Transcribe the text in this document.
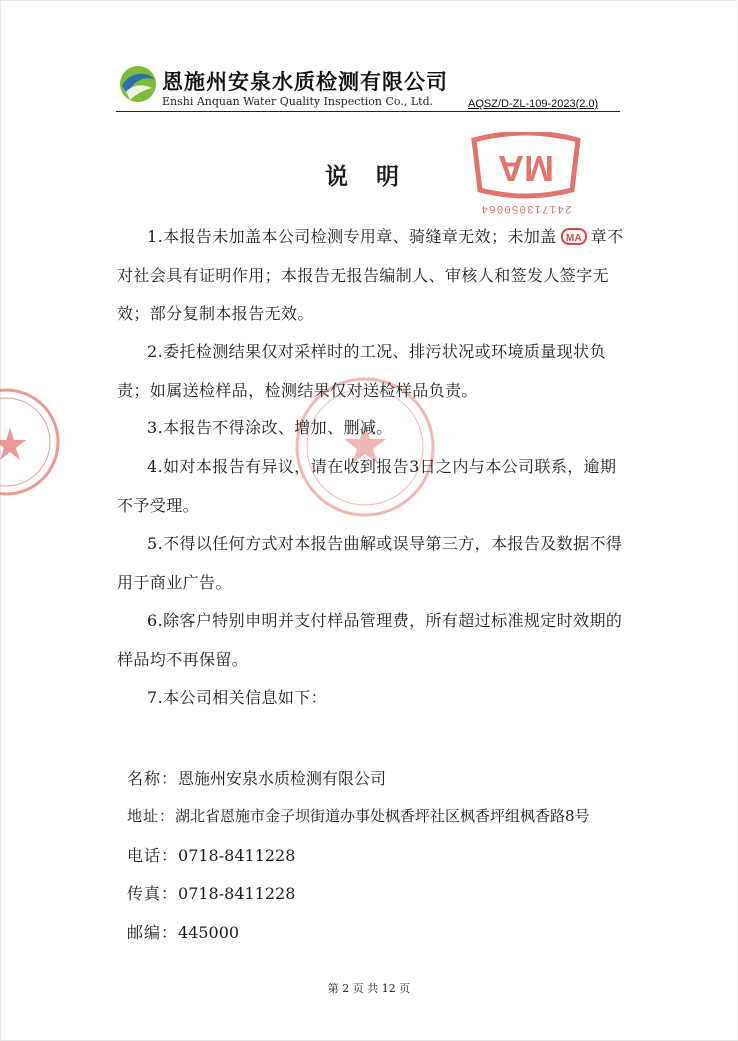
恩施州安泉水质检测有限公司
Enshi Anquan Water Quality Inspection Co., Ltd.	AQSZ/D-ZL-109-2023(2.0)
MA
241713050064
说明
1.本报告未加盖本公司检测专用章、骑缝章无效；未加盖 MA 章不对社会具有证明作用；本报告无报告编制人、审核人和签发人签字无效；部分复制本报告无效。
2.委托检测结果仅对采样时的工况、排污状况或环境质量现状负责；如属送检样品，检测结果仅对送检样品负责。
3.本报告不得涂改、增加、删减。
4.如对本报告有异议，请在收到报告3日之内与本公司联系，逾期不予受理。
5.不得以任何方式对本报告曲解或误导第三方，本报告及数据不得用于商业广告。
6.除客户特别申明并支付样品管理费，所有超过标准规定时效期的样品均不再保留。
7.本公司相关信息如下：
名称：恩施州安泉水质检测有限公司
地址：湖北省恩施市金子坝街道办事处枫香坪社区枫香坪组枫香路8号
电话：0718-8411228
传真：0718-8411228
邮编：445000
第 2 页 共 12 页
